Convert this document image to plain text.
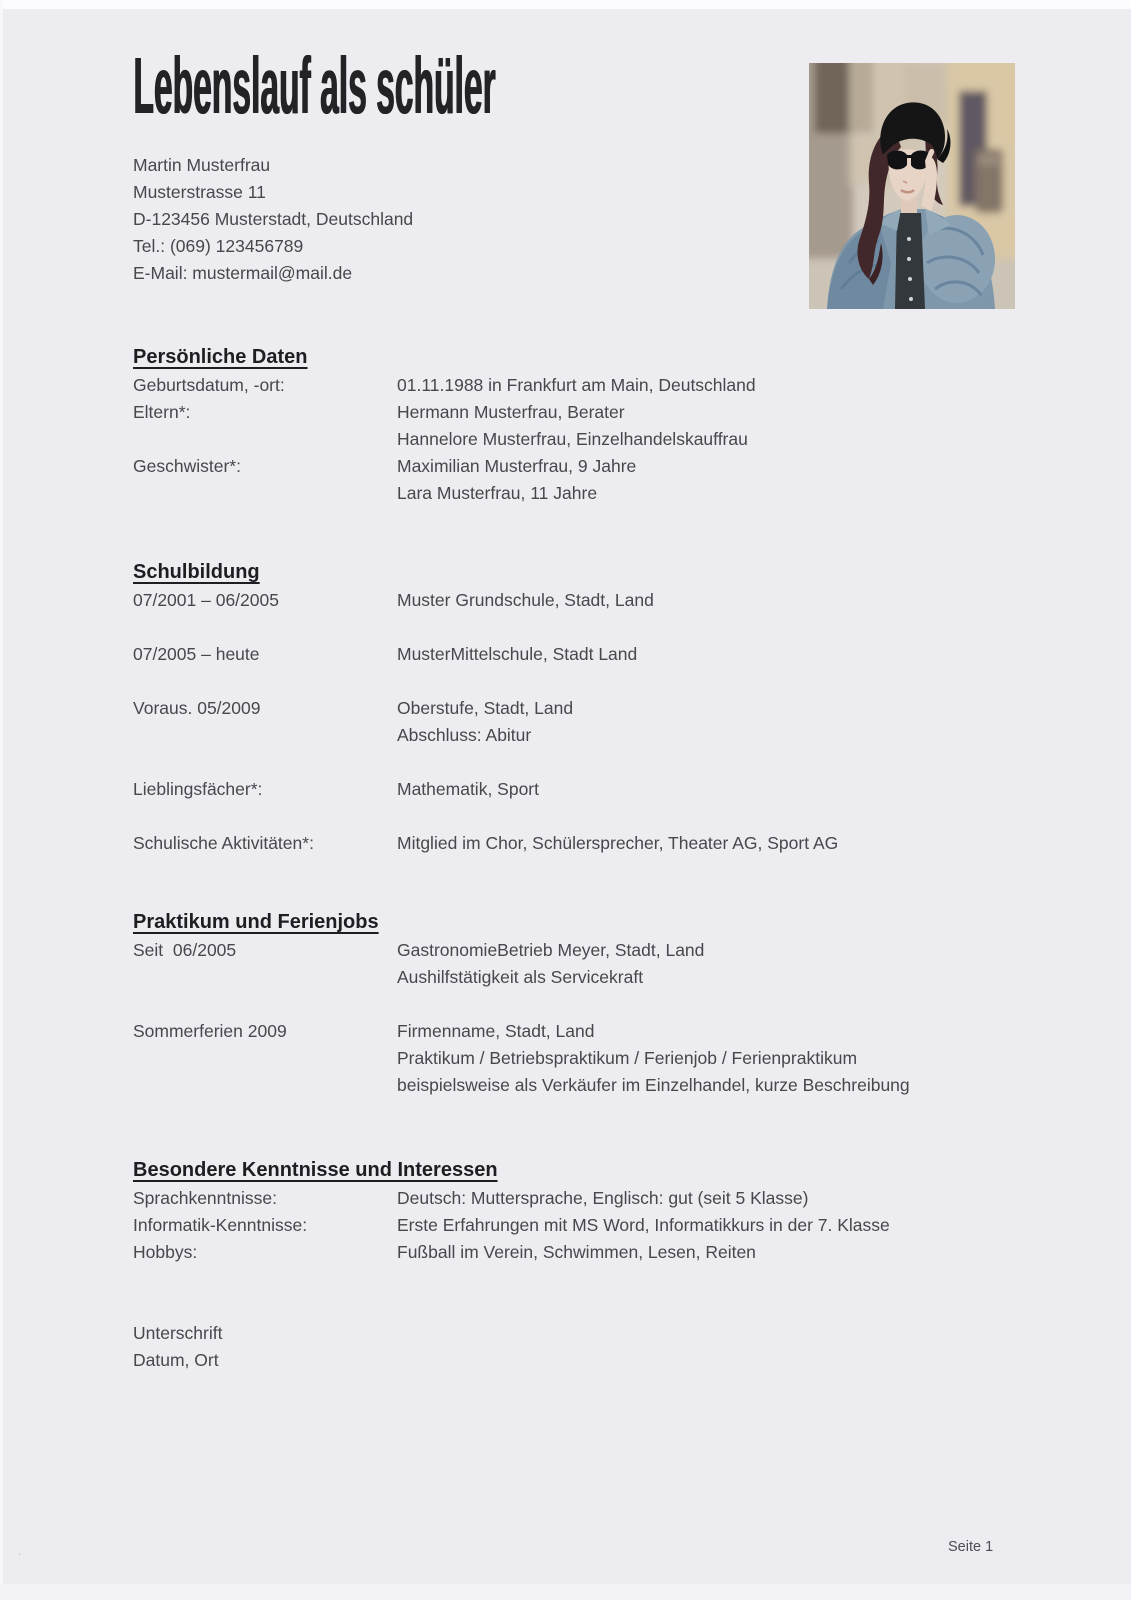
Lebenslauf als schüler
Martin Musterfrau
Musterstrasse 11
D-123456 Musterstadt, Deutschland
Tel.: (069) 123456789
E-Mail: mustermail@mail.de
Persönliche Daten
Geburtsdatum, -ort:	01.11.1988 in Frankfurt am Main, Deutschland
Eltern*:	Hermann Musterfrau, Berater
Hannelore Musterfrau, Einzelhandelskauffrau
Geschwister*:	Maximilian Musterfrau, 9 Jahre
Lara Musterfrau, 11 Jahre
Schulbildung
07/2001 – 06/2005	Muster Grundschule, Stadt, Land
07/2005 – heute	MusterMittelschule, Stadt Land
Voraus. 05/2009	Oberstufe, Stadt, Land
Abschluss: Abitur
Lieblingsfächer*:	Mathematik, Sport
Schulische Aktivitäten*:	Mitglied im Chor, Schülersprecher, Theater AG, Sport AG
Praktikum und Ferienjobs
Seit  06/2005	GastronomieBetrieb Meyer, Stadt, Land
Aushilfstätigkeit als Servicekraft
Sommerferien 2009	Firmenname, Stadt, Land
Praktikum / Betriebspraktikum / Ferienjob / Ferienpraktikum
beispielsweise als Verkäufer im Einzelhandel, kurze Beschreibung
Besondere Kenntnisse und Interessen
Sprachkenntnisse:	Deutsch: Muttersprache, Englisch: gut (seit 5 Klasse)
Informatik-Kenntnisse:	Erste Erfahrungen mit MS Word, Informatikkurs in der 7. Klasse
Hobbys:	Fußball im Verein, Schwimmen, Lesen, Reiten
Unterschrift
Datum, Ort
.	Seite 1
